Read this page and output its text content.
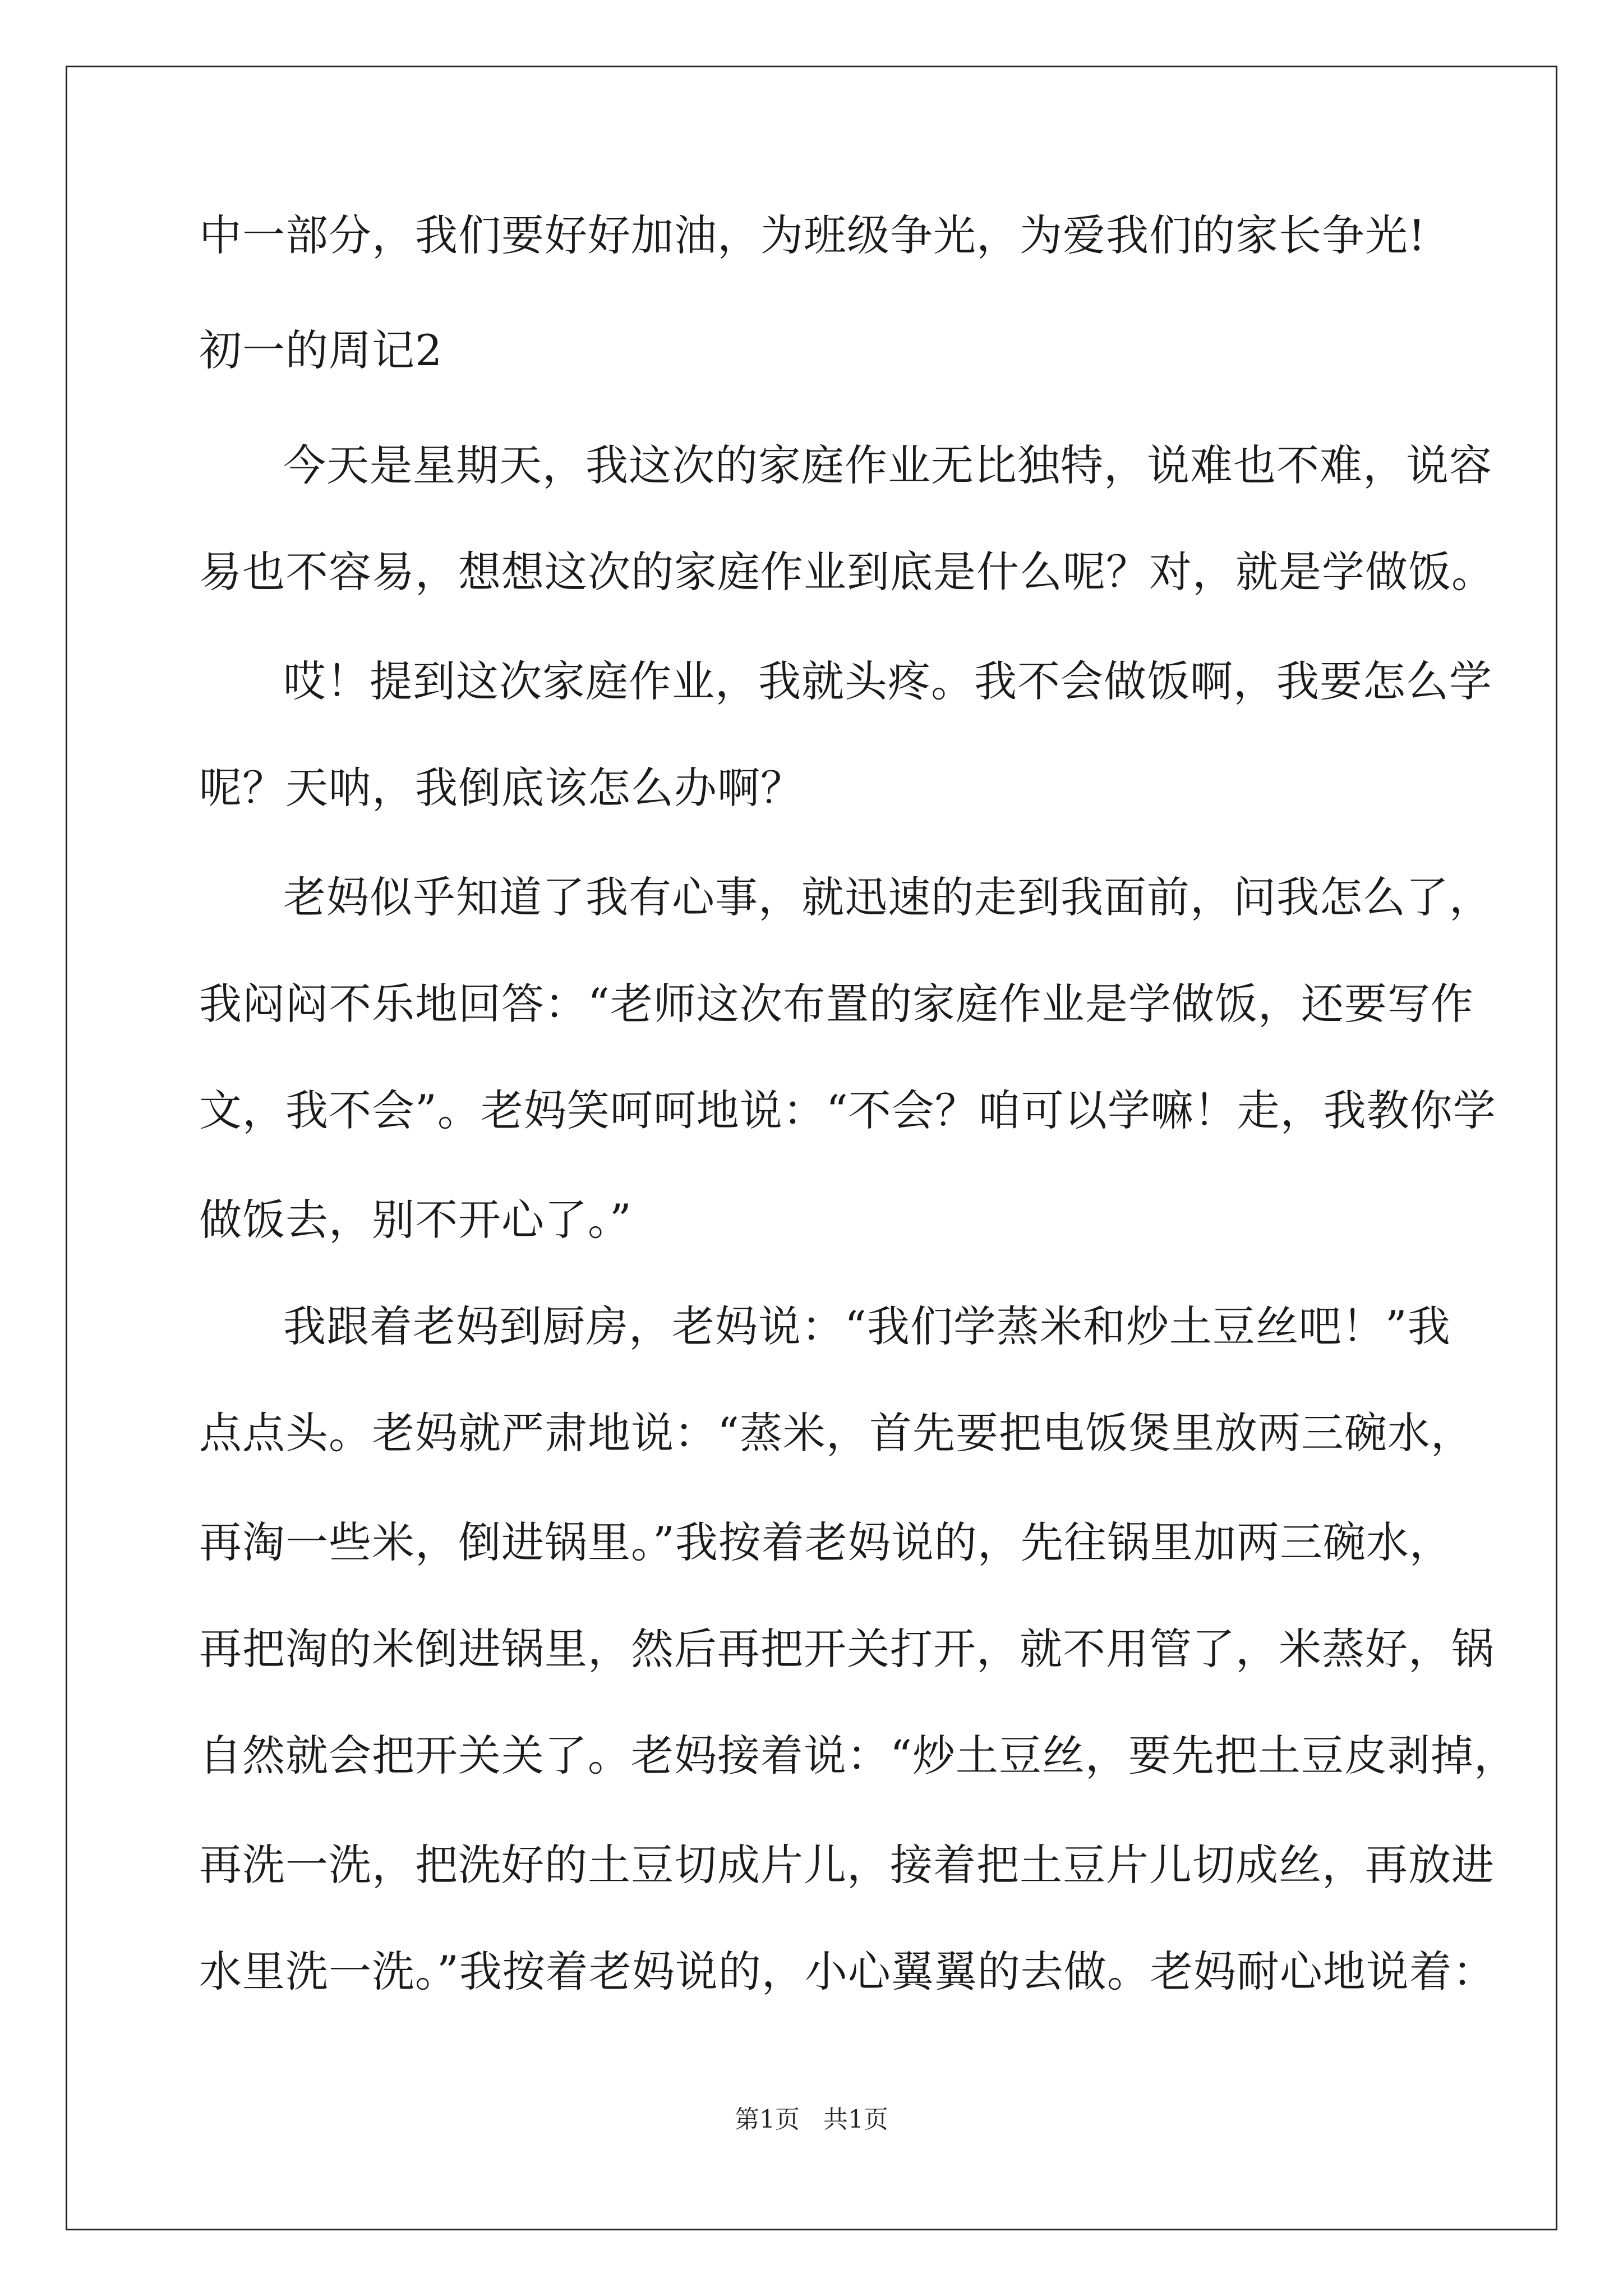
中一部分，我们要好好加油，为班级争光，为爱我们的家长争光!
初一的周记2
今天是星期天，我这次的家庭作业无比独特，说难也不难，说容
易也不容易，想想这次的家庭作业到底是什么呢？对，就是学做饭。
哎！提到这次家庭作业，我就头疼。我不会做饭啊，我要怎么学
呢？天呐，我倒底该怎么办啊？
老妈似乎知道了我有心事，就迅速的走到我面前，问我怎么了，
我闷闷不乐地回答：“老师这次布置的家庭作业是学做饭，还要写作
文，我不会”。老妈笑呵呵地说：“不会？咱可以学嘛！走，我教你学
做饭去，别不开心了。”
我跟着老妈到厨房，老妈说：“我们学蒸米和炒土豆丝吧！”我
点点头。老妈就严肃地说：“蒸米，首先要把电饭煲里放两三碗水，
再淘一些米，倒进锅里。”我按着老妈说的，先往锅里加两三碗水，
再把淘的米倒进锅里，然后再把开关打开，就不用管了，米蒸好，锅
自然就会把开关关了。老妈接着说：“炒土豆丝，要先把土豆皮剥掉，
再洗一洗，把洗好的土豆切成片儿，接着把土豆片儿切成丝，再放进
水里洗一洗。”我按着老妈说的，小心翼翼的去做。老妈耐心地说着：
第1页 共1页
